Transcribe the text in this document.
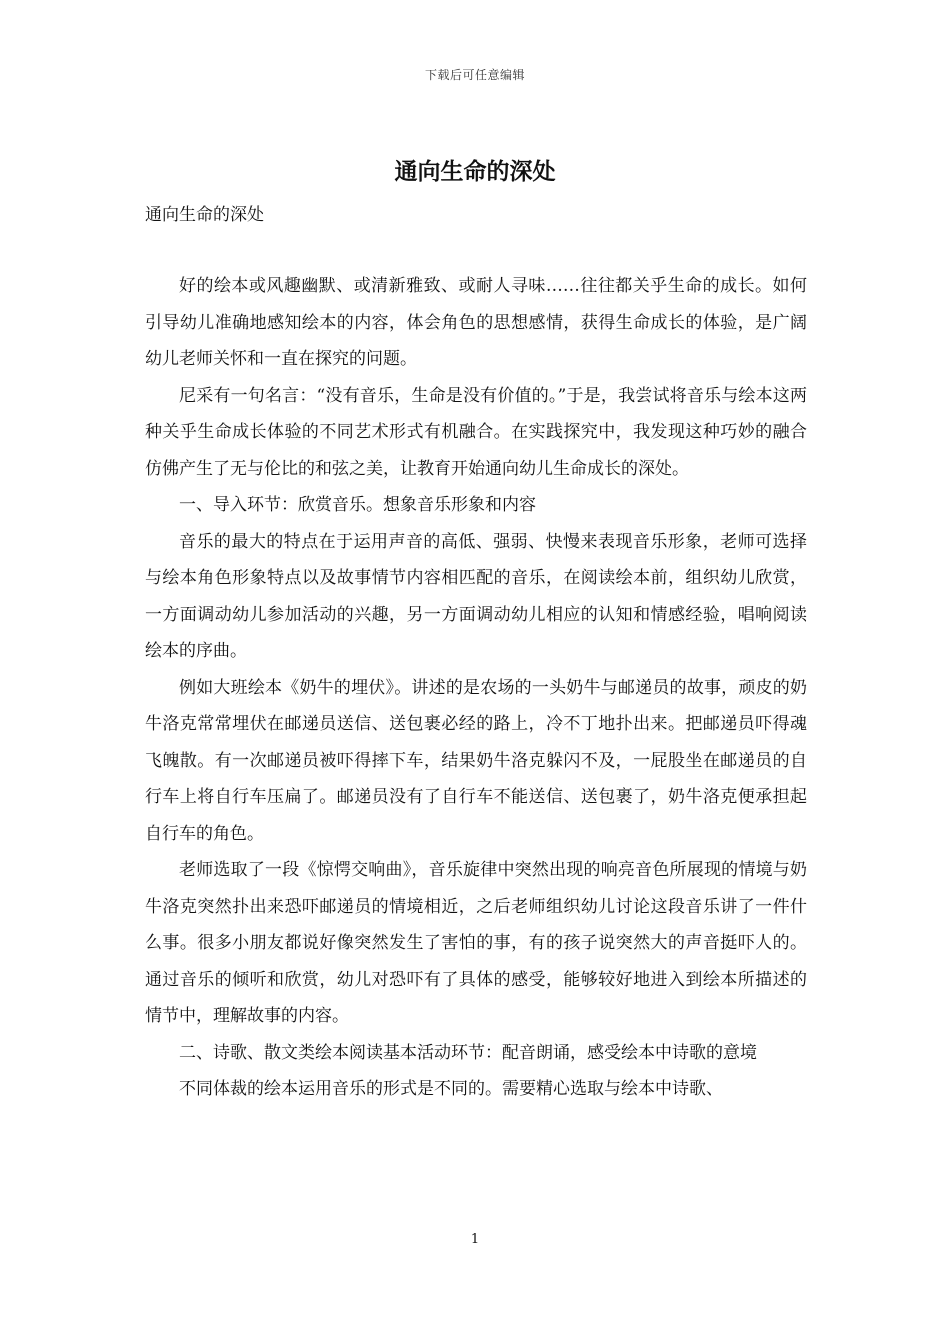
下载后可任意编辑
通向生命的深处

通向生命的深处

好的绘本或风趣幽默、或清新雅致、或耐人寻味……往往都关乎生命的成长。如何引导幼儿准确地感知绘本的内容，体会角色的思想感情，获得生命成长的体验，是广阔幼儿老师关怀和一直在探究的问题。

尼采有一句名言：“没有音乐，生命是没有价值的。”于是，我尝试将音乐与绘本这两种关乎生命成长体验的不同艺术形式有机融合。在实践探究中，我发现这种巧妙的融合仿佛产生了无与伦比的和弦之美，让教育开始通向幼儿生命成长的深处。

一、导入环节：欣赏音乐。想象音乐形象和内容

音乐的最大的特点在于运用声音的高低、强弱、快慢来表现音乐形象，老师可选择与绘本角色形象特点以及故事情节内容相匹配的音乐，在阅读绘本前，组织幼儿欣赏，一方面调动幼儿参加活动的兴趣，另一方面调动幼儿相应的认知和情感经验，唱响阅读绘本的序曲。

例如大班绘本《奶牛的埋伏》。讲述的是农场的一头奶牛与邮递员的故事，顽皮的奶牛洛克常常埋伏在邮递员送信、送包裹必经的路上，冷不丁地扑出来。把邮递员吓得魂飞魄散。有一次邮递员被吓得摔下车，结果奶牛洛克躲闪不及，一屁股坐在邮递员的自行车上将自行车压扁了。邮递员没有了自行车不能送信、送包裹了，奶牛洛克便承担起自行车的角色。

老师选取了一段《惊愕交响曲》，音乐旋律中突然出现的响亮音色所展现的情境与奶牛洛克突然扑出来恐吓邮递员的情境相近，之后老师组织幼儿讨论这段音乐讲了一件什么事。很多小朋友都说好像突然发生了害怕的事，有的孩子说突然大的声音挺吓人的。通过音乐的倾听和欣赏，幼儿对恐吓有了具体的感受，能够较好地进入到绘本所描述的情节中，理解故事的内容。

二、诗歌、散文类绘本阅读基本活动环节：配音朗诵，感受绘本中诗歌的意境

不同体裁的绘本运用音乐的形式是不同的。需要精心选取与绘本中诗歌、

1
